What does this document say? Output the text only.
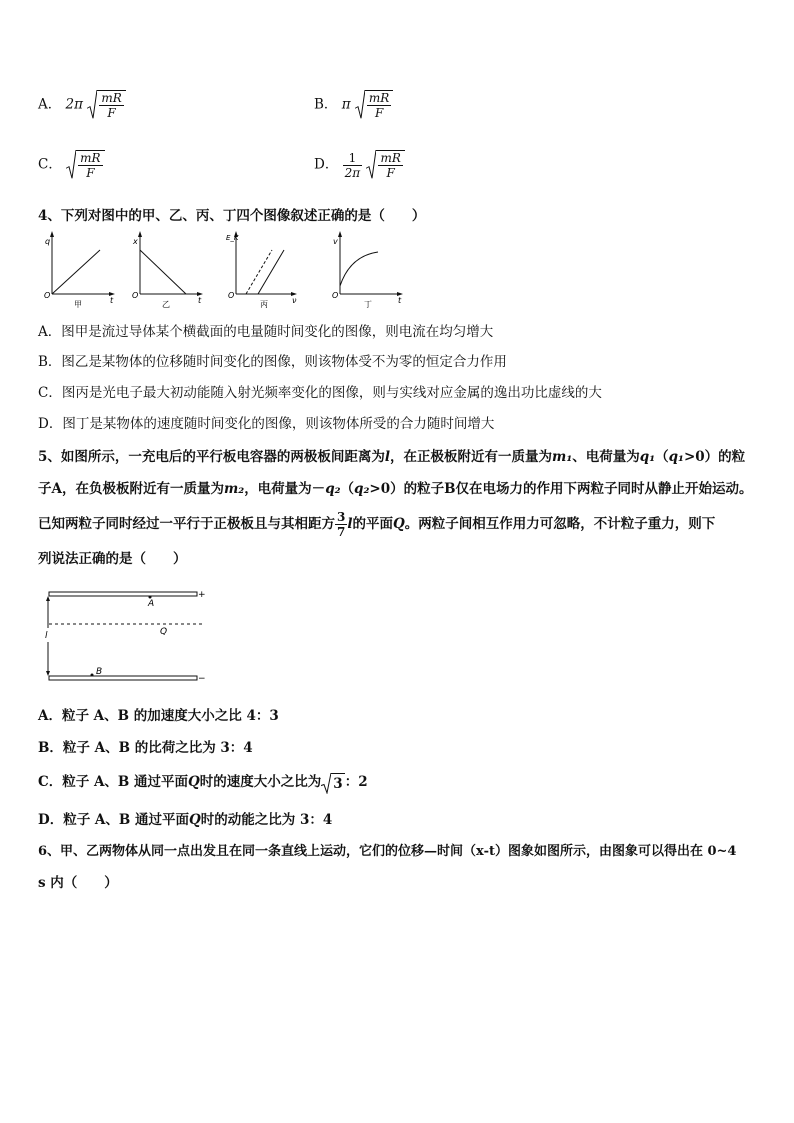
A． $2\pi \frac{mR}{F}$	B． π $\frac{mR}{F}$
C． $\frac{mR}{F}$	D． $\frac{1}{2\pi}$
$\frac{mR}{F}$
4、下列对图中的甲、乙、丙、丁四个图像叙述正确的是（　　）
q
t
O
甲
x
t
O
乙
E_K
ν
O
丙
v
t
O
丁
A．图甲是流过导体某个横截面的电量随时间变化的图像，则电流在均匀增大
B．图乙是某物体的位移随时间变化的图像，则该物体受不为零的恒定合力作用
C．图丙是光电子最大初动能随入射光频率变化的图像，则与实线对应金属的逸出功比虚线的大
D．图丁是某物体的速度随时间变化的图像，则该物体所受的合力随时间增大
5、如图所示，一充电后的平行板电容器的两极板间距离为l，在正极板附近有一质量为m₁、电荷量为q₁（q₁>0）的粒
子A，在负极板附近有一质量为m₂，电荷量为－q₂（q₂>0）的粒子B仅在电场力的作用下两粒子同时从静止开始运动。
已知两粒子同时经过一平行于正极板且与其相距方 $\frac{3}{7}$ l的平面Q。两粒子间相互作用力可忽略，不计粒子重力，则下
列说法正确的是（　　）
+
−
l
A
Q
B
A．粒子 A、B 的加速度大小之比 4：3
B．粒子 A、B 的比荷之比为 3：4
C．粒子 A、B 通过平面Q时的速度大小之比为 3 ：2
D．粒子 A、B 通过平面Q时的动能之比为 3：4
6、甲、乙两物体从同一点出发且在同一条直线上运动，它们的位移—时间（x-t）图象如图所示，由图象可以得出在 0~4
s 内（　　）
